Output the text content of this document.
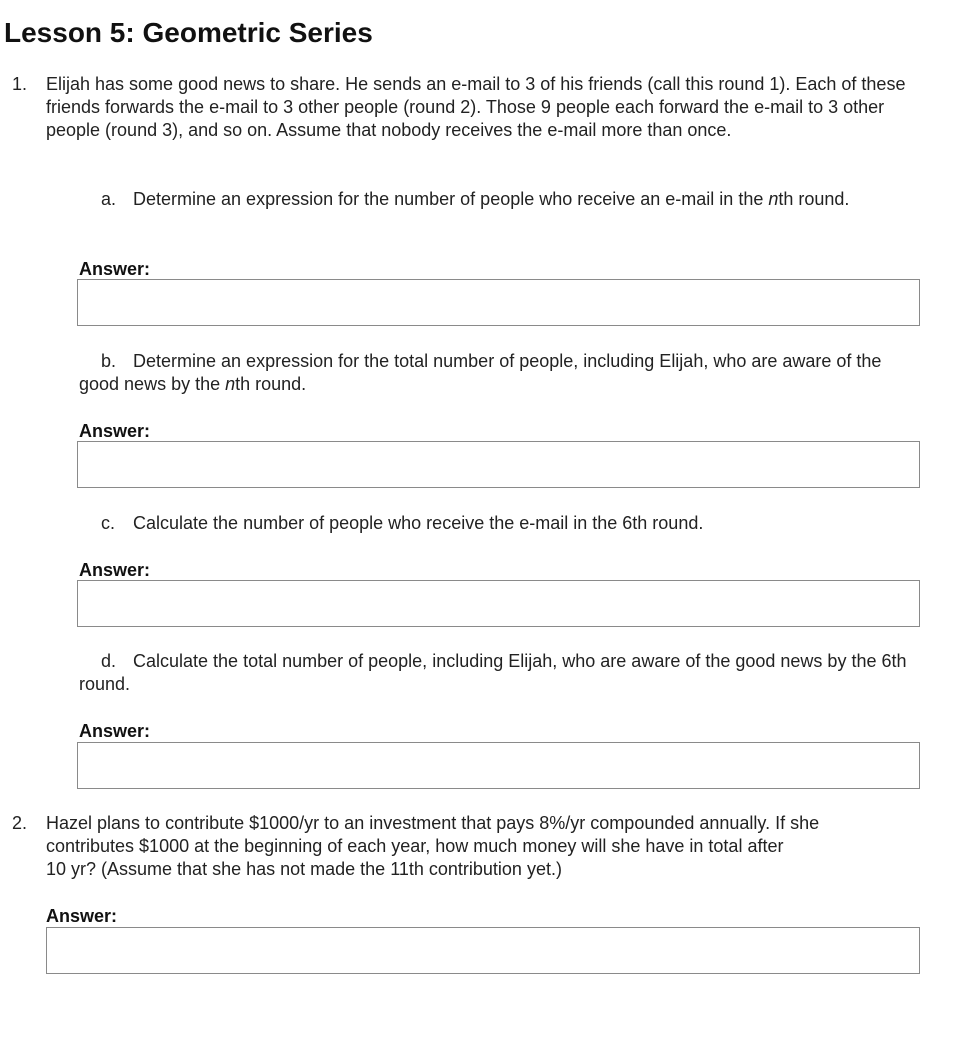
Lesson 5: Geometric Series
1. Elijah has some good news to share. He sends an e-mail to 3 of his friends (call this round 1). Each of these friends forwards the e-mail to 3 other people (round 2). Those 9 people each forward the e-mail to 3 other people (round 3), and so on. Assume that nobody receives the e-mail more than once.

a. Determine an expression for the number of people who receive an e-mail in the nth round.

Answer:

b. Determine an expression for the total number of people, including Elijah, who are aware of the good news by the nth round.

Answer:

c. Calculate the number of people who receive the e-mail in the 6th round.

Answer:

d. Calculate the total number of people, including Elijah, who are aware of the good news by the 6th round.

Answer:
2. Hazel plans to contribute $1000/yr to an investment that pays 8%/yr compounded annually. If she
contributes $1000 at the beginning of each year, how much money will she have in total after
10 yr? (Assume that she has not made the 11th contribution yet.)

Answer:
